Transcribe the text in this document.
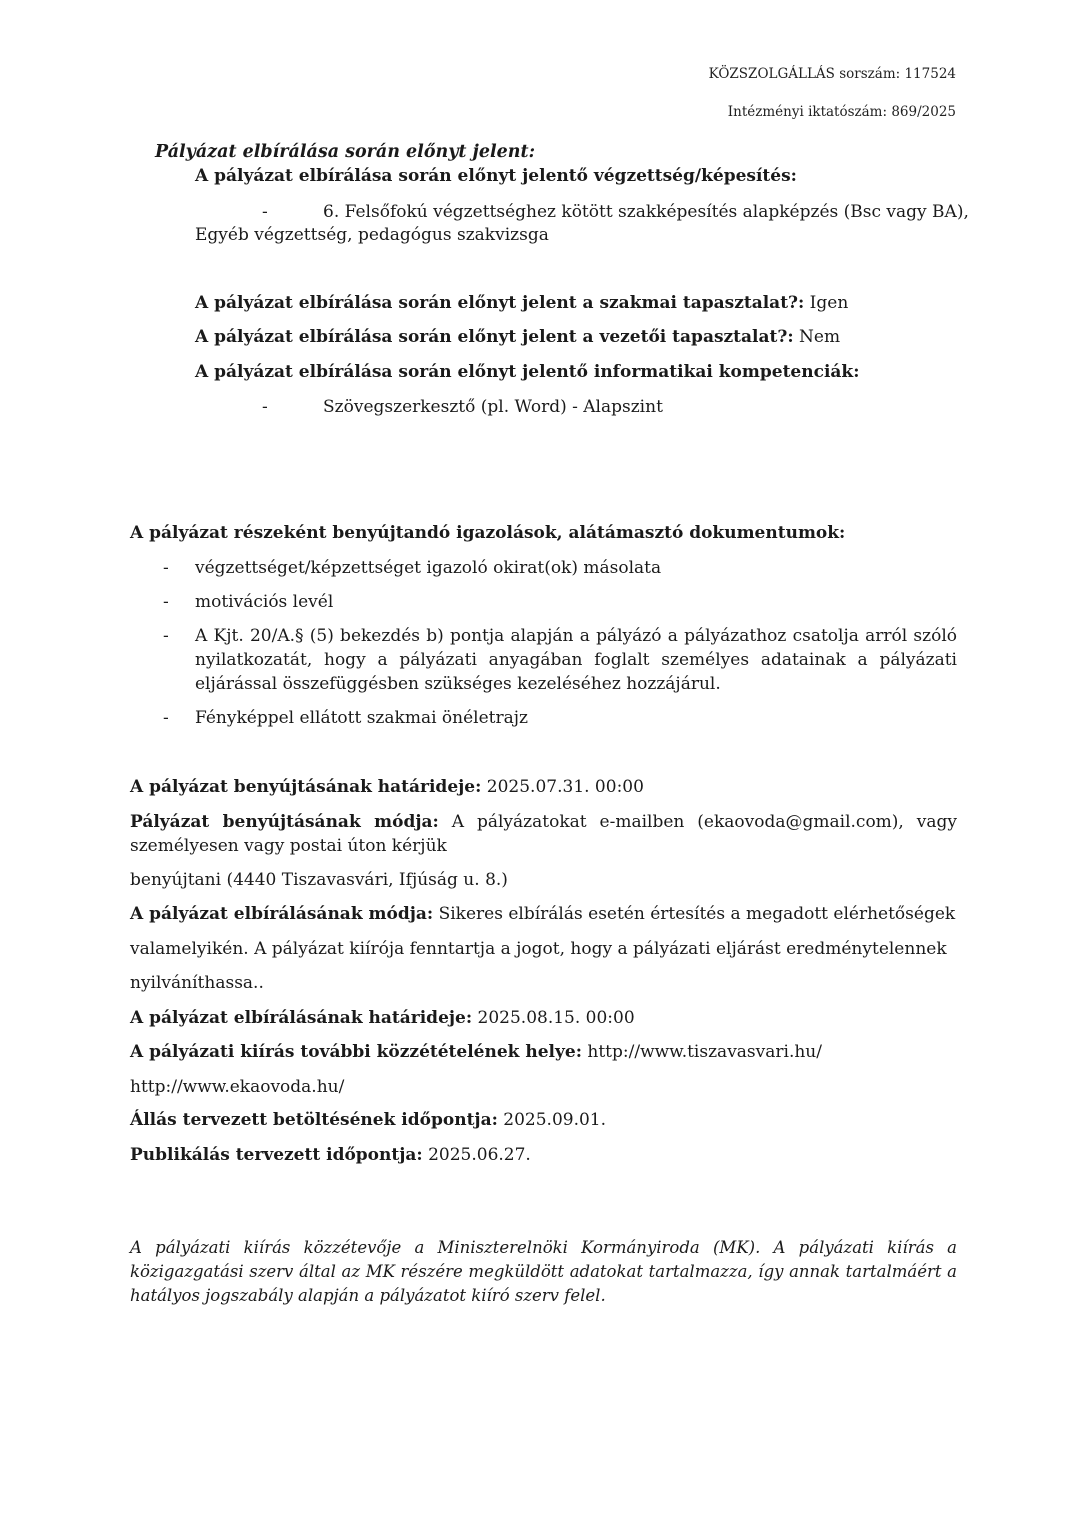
KÖZSZOLGÁLLÁS sorszám: 117524
Intézményi iktatószám: 869/2025
Pályázat elbírálása során előnyt jelent:
A pályázat elbírálása során előnyt jelentő végzettség/képesítés:
-	6. Felsőfokú végzettséghez kötött szakképesítés alapképzés (Bsc vagy BA),
Egyéb végzettség, pedagógus szakvizsga
A pályázat elbírálása során előnyt jelent a szakmai tapasztalat?: Igen
A pályázat elbírálása során előnyt jelent a vezetői tapasztalat?: Nem
A pályázat elbírálása során előnyt jelentő informatikai kompetenciák:
-	Szövegszerkesztő (pl. Word) - Alapszint
A pályázat részeként benyújtandó igazolások, alátámasztó dokumentumok:
- végzettséget/képzettséget igazoló okirat(ok) másolata
- motivációs levél
- A Kjt. 20/A.§ (5) bekezdés b) pontja alapján a pályázó a pályázathoz csatolja arról szóló nyilatkozatát, hogy a pályázati anyagában foglalt személyes adatainak a pályázati eljárással összefüggésben szükséges kezeléséhez hozzájárul.
- Fényképpel ellátott szakmai önéletrajz
A pályázat benyújtásának határideje: 2025.07.31. 00:00
Pályázat benyújtásának módja: A pályázatokat e-mailben (ekaovoda@gmail.com), vagy személyesen vagy postai úton kérjük
benyújtani (4440 Tiszavasvári, Ifjúság u. 8.)
A pályázat elbírálásának módja: Sikeres elbírálás esetén értesítés a megadott elérhetőségek
valamelyikén. A pályázat kiírója fenntartja a jogot, hogy a pályázati eljárást eredménytelennek
nyilváníthassa..
A pályázat elbírálásának határideje: 2025.08.15. 00:00
A pályázati kiírás további közzétételének helye: http://www.tiszavasvari.hu/
http://www.ekaovoda.hu/
Állás tervezett betöltésének időpontja: 2025.09.01.
Publikálás tervezett időpontja: 2025.06.27.
A pályázati kiírás közzétevője a Miniszterelnöki Kormányiroda (MK). A pályázati kiírás a közigazgatási szerv által az MK részére megküldött adatokat tartalmazza, így annak tartalmáért a hatályos jogszabály alapján a pályázatot kiíró szerv felel.
